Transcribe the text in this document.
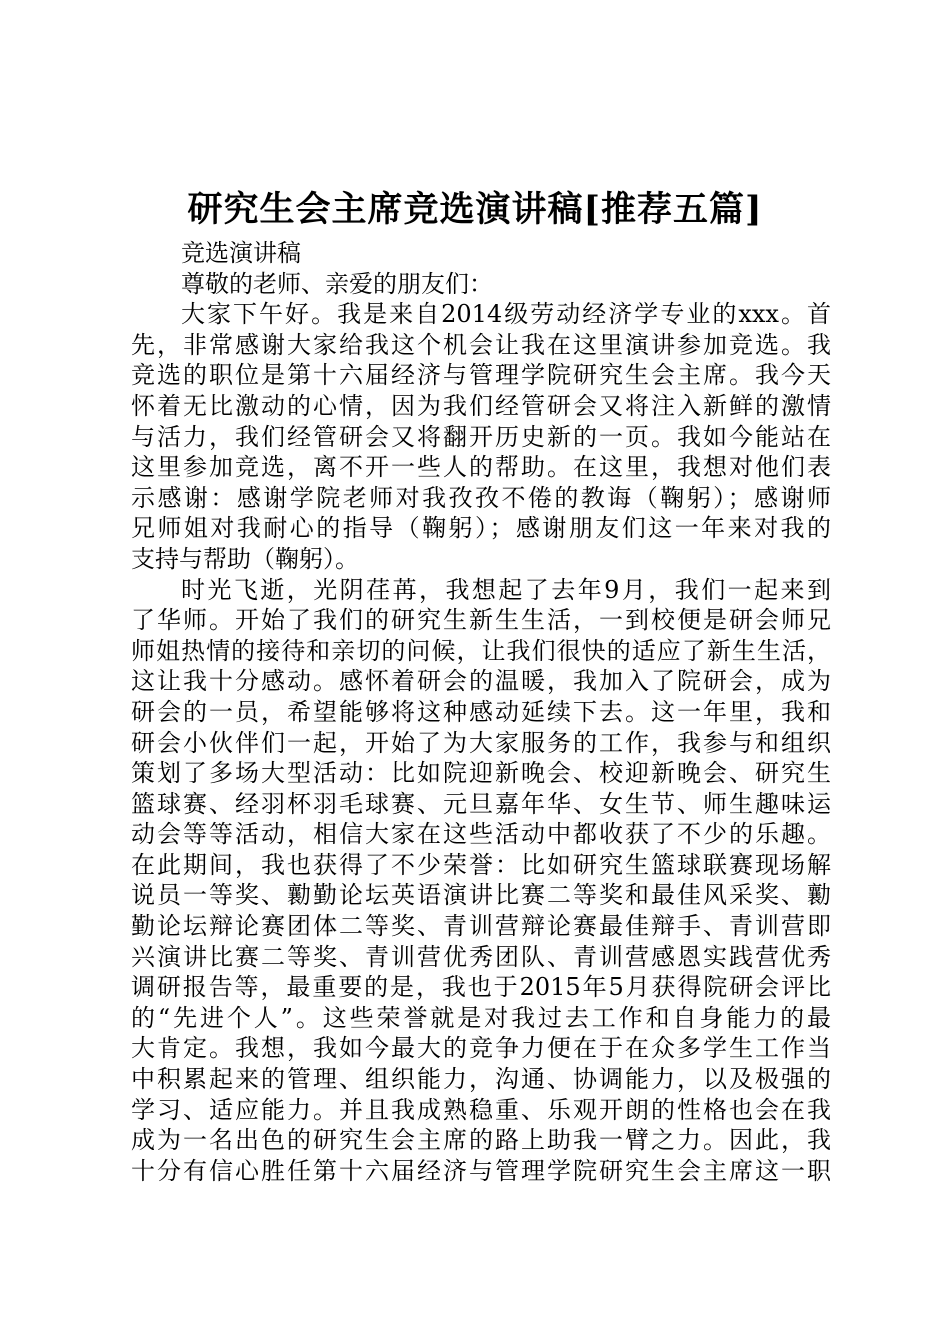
研究生会主席竞选演讲稿[推荐五篇]
竞选演讲稿
尊敬的老师、亲爱的朋友们：
大家下午好。我是来自2014级劳动经济学专业的xxx。首
先，非常感谢大家给我这个机会让我在这里演讲参加竞选。我
竞选的职位是第十六届经济与管理学院研究生会主席。我今天
怀着无比激动的心情，因为我们经管研会又将注入新鲜的激情
与活力，我们经管研会又将翻开历史新的一页。我如今能站在
这里参加竞选，离不开一些人的帮助。在这里，我想对他们表
示感谢：感谢学院老师对我孜孜不倦的教诲（鞠躬）；感谢师
兄师姐对我耐心的指导（鞠躬）；感谢朋友们这一年来对我的
支持与帮助（鞠躬）。
时光飞逝，光阴荏苒，我想起了去年9月，我们一起来到
了华师。开始了我们的研究生新生生活，一到校便是研会师兄
师姐热情的接待和亲切的问候，让我们很快的适应了新生生活，
这让我十分感动。感怀着研会的温暖，我加入了院研会，成为
研会的一员，希望能够将这种感动延续下去。这一年里，我和
研会小伙伴们一起，开始了为大家服务的工作，我参与和组织
策划了多场大型活动：比如院迎新晚会、校迎新晚会、研究生
篮球赛、经羽杯羽毛球赛、元旦嘉年华、女生节、师生趣味运
动会等等活动，相信大家在这些活动中都收获了不少的乐趣。
在此期间，我也获得了不少荣誉：比如研究生篮球联赛现场解
说员一等奖、勷勤论坛英语演讲比赛二等奖和最佳风采奖、勷
勤论坛辩论赛团体二等奖、青训营辩论赛最佳辩手、青训营即
兴演讲比赛二等奖、青训营优秀团队、青训营感恩实践营优秀
调研报告等，最重要的是，我也于2015年5月获得院研会评比
的“先进个人”。这些荣誉就是对我过去工作和自身能力的最
大肯定。我想，我如今最大的竞争力便在于在众多学生工作当
中积累起来的管理、组织能力，沟通、协调能力，以及极强的
学习、适应能力。并且我成熟稳重、乐观开朗的性格也会在我
成为一名出色的研究生会主席的路上助我一臂之力。因此，我
十分有信心胜任第十六届经济与管理学院研究生会主席这一职
